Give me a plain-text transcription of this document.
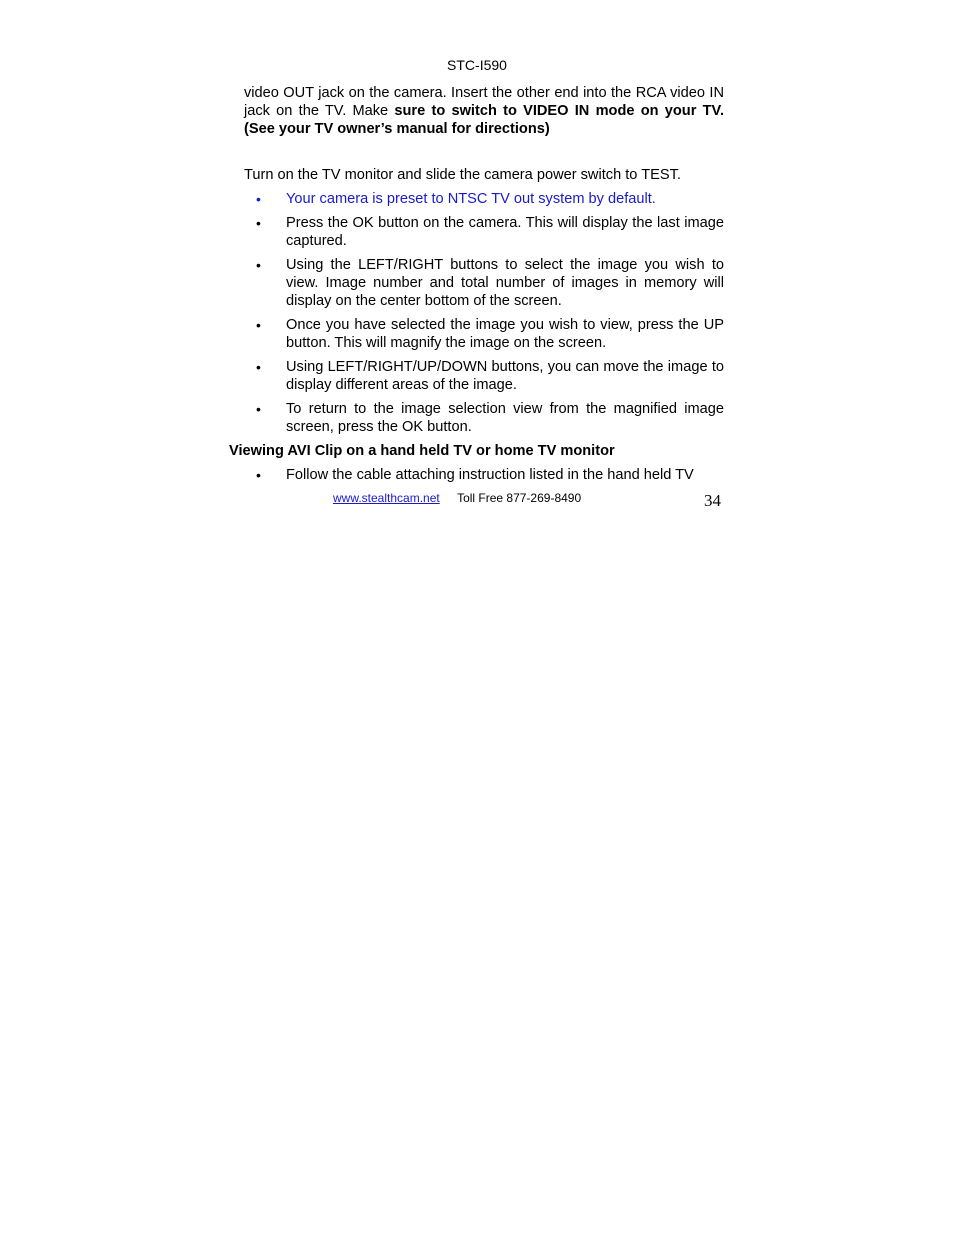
STC-I590

video OUT jack on the camera. Insert the other end into the RCA video IN jack on the TV. Make sure to switch to VIDEO IN mode on your TV. (See your TV owner’s manual for directions)

Turn on the TV monitor and slide the camera power switch to TEST.

• Your camera is preset to NTSC TV out system by default.
• Press the OK button on the camera. This will display the last image captured.
• Using the LEFT/RIGHT buttons to select the image you wish to view. Image number and total number of images in memory will display on the center bottom of the screen.
• Once you have selected the image you wish to view, press the UP button. This will magnify the image on the screen.
• Using LEFT/RIGHT/UP/DOWN buttons, you can move the image to display different areas of the image.
• To return to the image selection view from the magnified image screen, press the OK button.

Viewing AVI Clip on a hand held TV or home TV monitor

• Follow the cable attaching instruction listed in the hand held TV
www.stealthcam.net Toll Free 877-269-8490	34
